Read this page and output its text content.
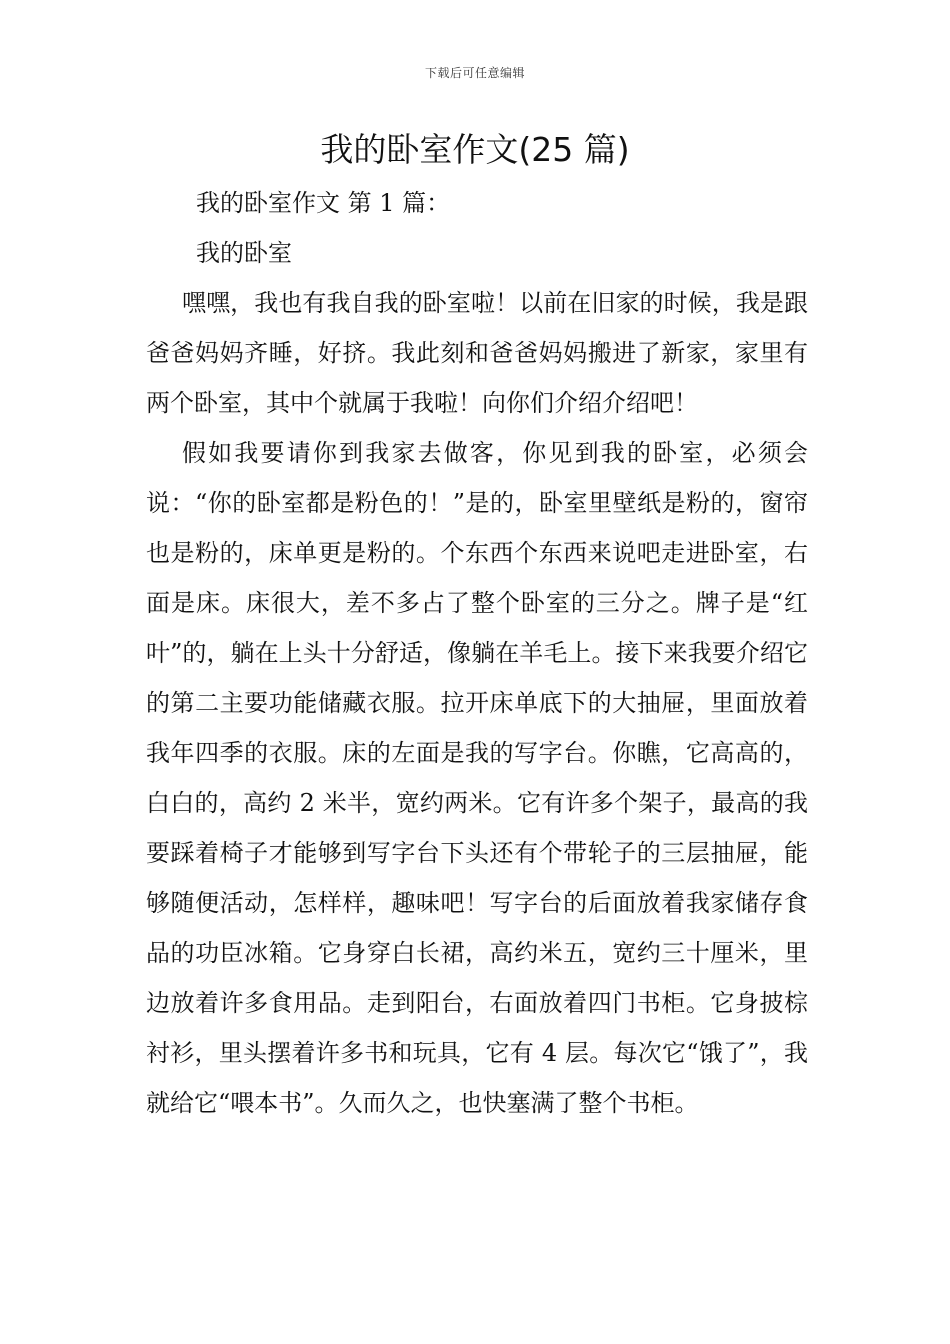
下载后可任意编辑
我的卧室作文(25 篇)

我的卧室作文 第 1 篇：

我的卧室

嘿嘿，我也有我自我的卧室啦！以前在旧家的时候，我是跟爸爸妈妈齐睡，好挤。我此刻和爸爸妈妈搬进了新家，家里有两个卧室，其中个就属于我啦！向你们介绍介绍吧！

假如我要请你到我家去做客，你见到我的卧室，必须会说：“你的卧室都是粉色的！”是的，卧室里壁纸是粉的，窗帘也是粉的，床单更是粉的。个东西个东西来说吧走进卧室，右面是床。床很大，差不多占了整个卧室的三分之。牌子是“红叶”的，躺在上头十分舒适，像躺在羊毛上。接下来我要介绍它的第二主要功能储藏衣服。拉开床单底下的大抽屉，里面放着我年四季的衣服。床的左面是我的写字台。你瞧，它高高的，白白的，高约 2 米半，宽约两米。它有许多个架子，最高的我要踩着椅子才能够到写字台下头还有个带轮子的三层抽屉，能够随便活动，怎样样，趣味吧！写字台的后面放着我家储存食品的功臣冰箱。它身穿白长裙，高约米五，宽约三十厘米，里边放着许多食用品。走到阳台，右面放着四门书柜。它身披棕衬衫，里头摆着许多书和玩具，它有 4 层。每次它“饿了”，我就给它“喂本书”。久而久之，也快塞满了整个书柜。
